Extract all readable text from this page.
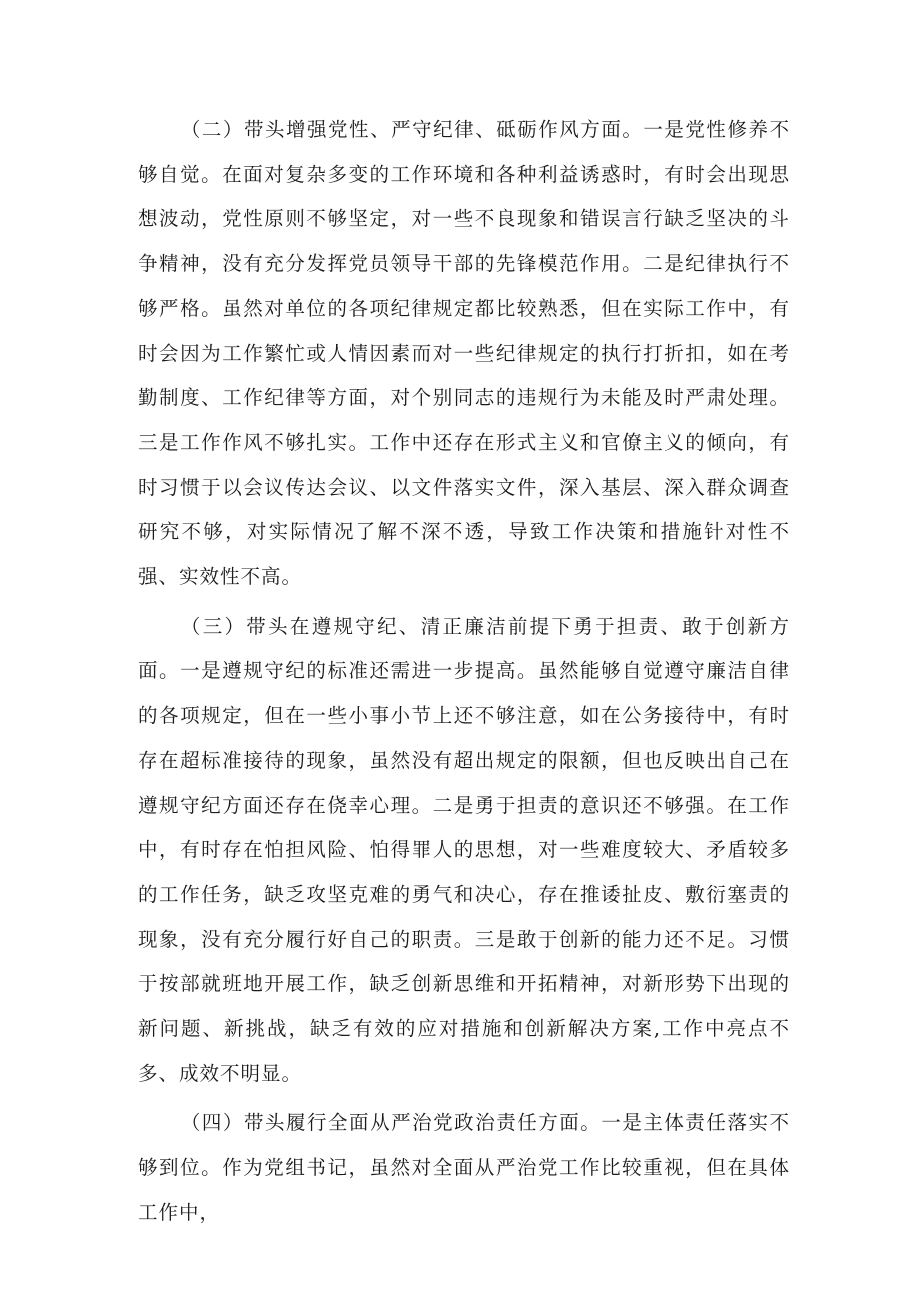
（二）带头增强党性、严守纪律、砥砺作风方面。一是党性修养不够自觉。在面对复杂多变的工作环境和各种利益诱惑时，有时会出现思想波动，党性原则不够坚定，对一些不良现象和错误言行缺乏坚决的斗争精神，没有充分发挥党员领导干部的先锋模范作用。二是纪律执行不够严格。虽然对单位的各项纪律规定都比较熟悉，但在实际工作中，有时会因为工作繁忙或人情因素而对一些纪律规定的执行打折扣，如在考勤制度、工作纪律等方面，对个别同志的违规行为未能及时严肃处理。三是工作作风不够扎实。工作中还存在形式主义和官僚主义的倾向，有时习惯于以会议传达会议、以文件落实文件，深入基层、深入群众调查研究不够，对实际情况了解不深不透，导致工作决策和措施针对性不强、实效性不高。

（三）带头在遵规守纪、清正廉洁前提下勇于担责、敢于创新方面。一是遵规守纪的标准还需进一步提高。虽然能够自觉遵守廉洁自律的各项规定，但在一些小事小节上还不够注意，如在公务接待中，有时存在超标准接待的现象，虽然没有超出规定的限额，但也反映出自己在遵规守纪方面还存在侥幸心理。二是勇于担责的意识还不够强。在工作中，有时存在怕担风险、怕得罪人的思想，对一些难度较大、矛盾较多的工作任务，缺乏攻坚克难的勇气和决心，存在推诿扯皮、敷衍塞责的现象，没有充分履行好自己的职责。三是敢于创新的能力还不足。习惯于按部就班地开展工作，缺乏创新思维和开拓精神，对新形势下出现的新问题、新挑战，缺乏有效的应对措施和创新解决方案,工作中亮点不多、成效不明显。

（四）带头履行全面从严治党政治责任方面。一是主体责任落实不够到位。作为党组书记，虽然对全面从严治党工作比较重视，但在具体工作中，
